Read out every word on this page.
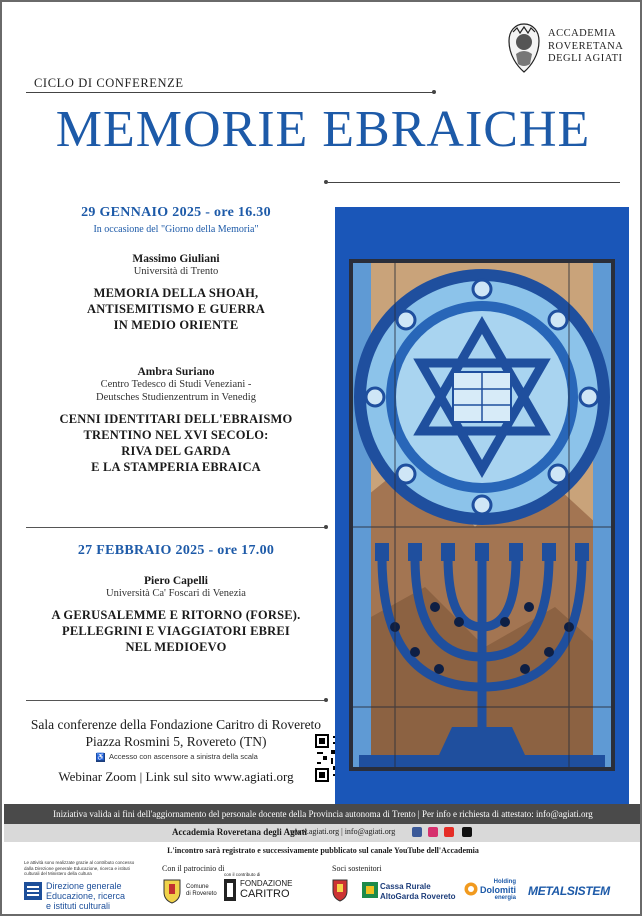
ACCADEMIA
ROVERETANA
DEGLI AGIATI
CICLO DI CONFERENZE
MEMORIE EBRAICHE
29 GENNAIO 2025 - ore 16.30
In occasione del "Giorno della Memoria"
Massimo Giuliani
Università di Trento
MEMORIA DELLA SHOAH,
ANTISEMITISMO E GUERRA
IN MEDIO ORIENTE
Ambra Suriano
Centro Tedesco di Studi Veneziani -
Deutsches Studienzentrum in Venedig
CENNI IDENTITARI DELL'EBRAISMO
TRENTINO NEL XVI SECOLO:
RIVA DEL GARDA
E LA STAMPERIA EBRAICA
27 FEBBRAIO 2025 - ore 17.00
Piero Capelli
Università Ca' Foscari di Venezia
A GERUSALEMME E RITORNO (FORSE).
PELLEGRINI E VIAGGIATORI EBREI
NEL MEDIOEVO
Sala conferenze della Fondazione Caritro di Rovereto
Piazza Rosmini 5, Rovereto (TN)
♿ Accesso con ascensore a sinistra della scala
Webinar Zoom | Link sul sito www.agiati.org
Iniziativa valida ai fini dell'aggiornamento del personale docente della Provincia autonoma di Trento | Per info e richiesta di attestato: info@agiati.org
Accademia Roveretana degli Agiati
www.agiati.org | info@agiati.org
L'incontro sarà registrato e successivamente pubblicato sul canale YouTube dell'Accademia
Le attività sono realizzate grazie al contributo concesso dalla Direzione generale Educazione, ricerca e istituti culturali del Ministero della cultura
Direzione generale
Educazione, ricerca
e istituti culturali
Con il patrocinio di
Comune
di Rovereto
con il contributo di
FONDAZIONE
CARITRO
Soci sostenitori
Cassa Rurale
AltoGarda Rovereto
Holding
Dolomiti
energia METALSISTEM
